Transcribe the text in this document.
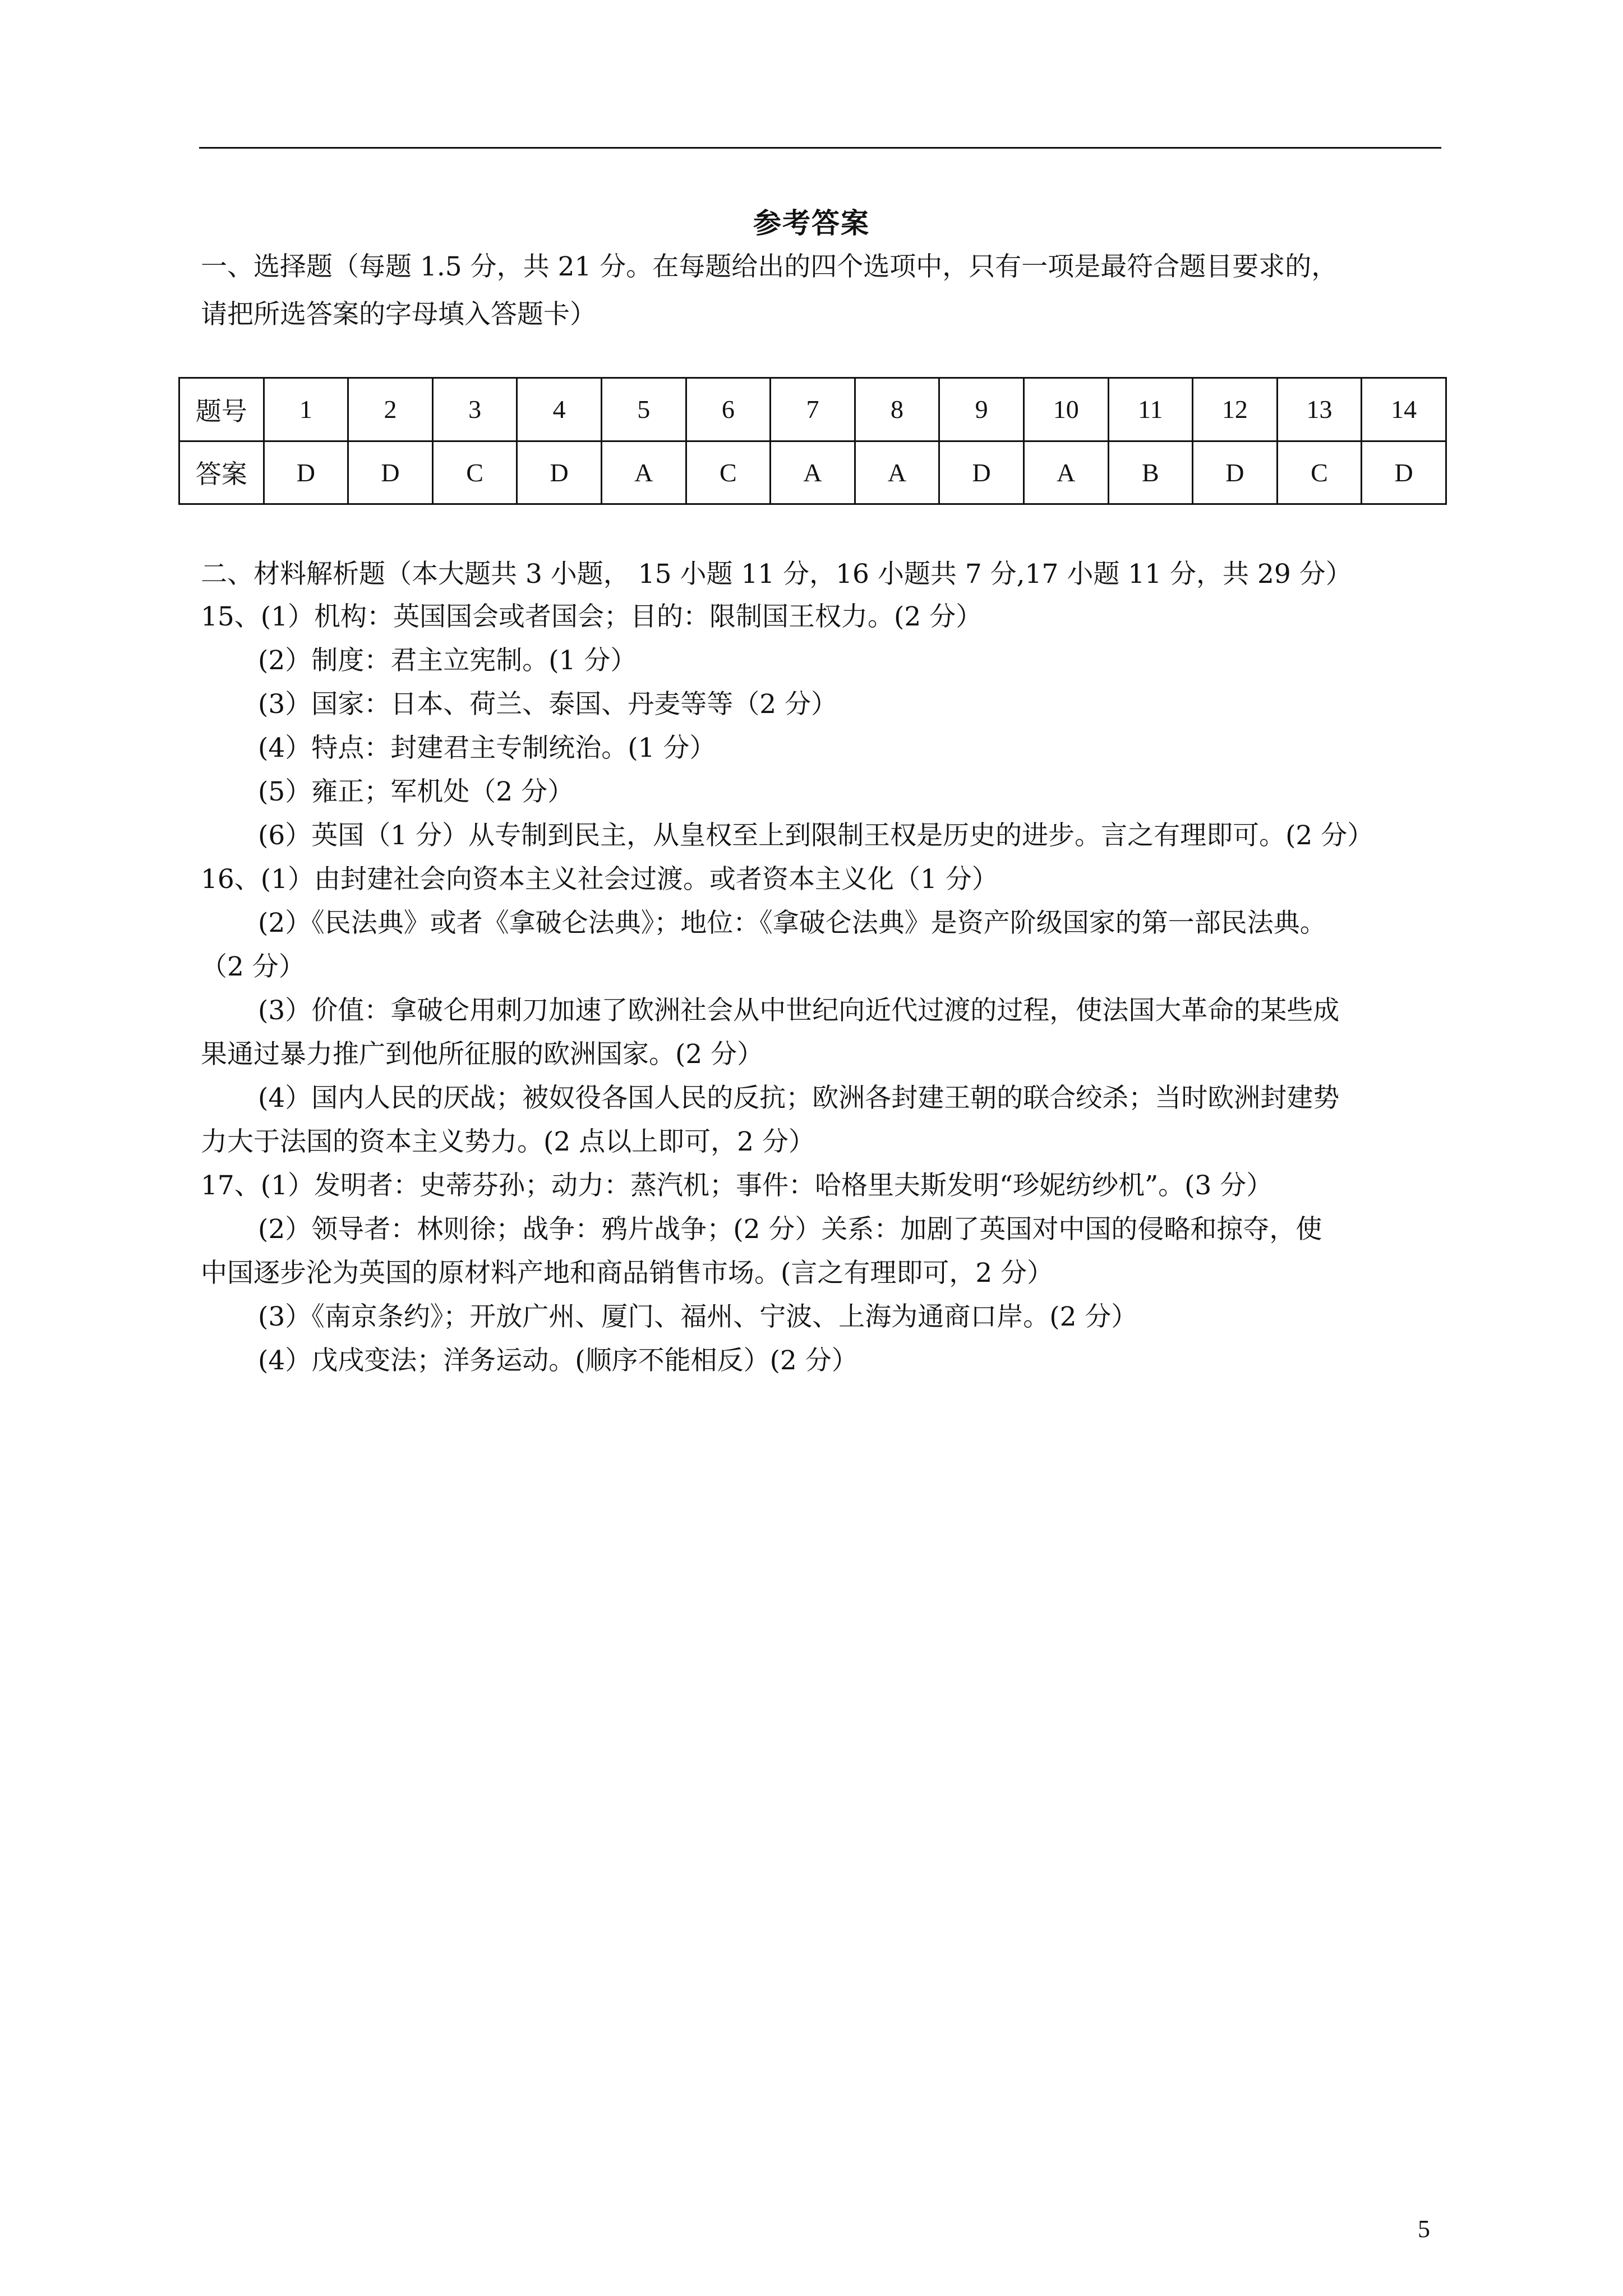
参考答案
一、选择题（每题 1.5 分，共 21 分。在每题给出的四个选项中，只有一项是最符合题目要求的，
请把所选答案的字母填入答题卡）
题号	1	2	3	4	5	6	7	8	9	10	11	12	13	14
答案	D	D	C	D	A	C	A	A	D	A	B	D	C	D
二、材料解析题（本大题共 3 小题， 15 小题 11 分，16 小题共 7 分,17 小题 11 分，共 29 分）
15、(1）机构：英国国会或者国会；目的：限制国王权力。(2 分）
(2）制度：君主立宪制。(1 分）
(3）国家：日本、荷兰、泰国、丹麦等等（2 分）
(4）特点：封建君主专制统治。(1 分）
(5）雍正；军机处（2 分）
(6）英国（1 分）从专制到民主，从皇权至上到限制王权是历史的进步。言之有理即可。(2 分）
16、(1）由封建社会向资本主义社会过渡。或者资本主义化（1 分）
(2）《民法典》或者《拿破仑法典》；地位：《拿破仑法典》是资产阶级国家的第一部民法典。
（2 分）
(3）价值：拿破仑用刺刀加速了欧洲社会从中世纪向近代过渡的过程，使法国大革命的某些成
果通过暴力推广到他所征服的欧洲国家。(2 分）
(4）国内人民的厌战；被奴役各国人民的反抗；欧洲各封建王朝的联合绞杀；当时欧洲封建势
力大于法国的资本主义势力。(2 点以上即可，2 分）
17、(1）发明者：史蒂芬孙；动力：蒸汽机；事件：哈格里夫斯发明“珍妮纺纱机”。(3 分）
(2）领导者：林则徐；战争：鸦片战争；(2 分）关系：加剧了英国对中国的侵略和掠夺，使
中国逐步沦为英国的原材料产地和商品销售市场。(言之有理即可，2 分）
(3）《南京条约》；开放广州、厦门、福州、宁波、上海为通商口岸。(2 分）
(4）戊戌变法；洋务运动。(顺序不能相反）(2 分）
5
